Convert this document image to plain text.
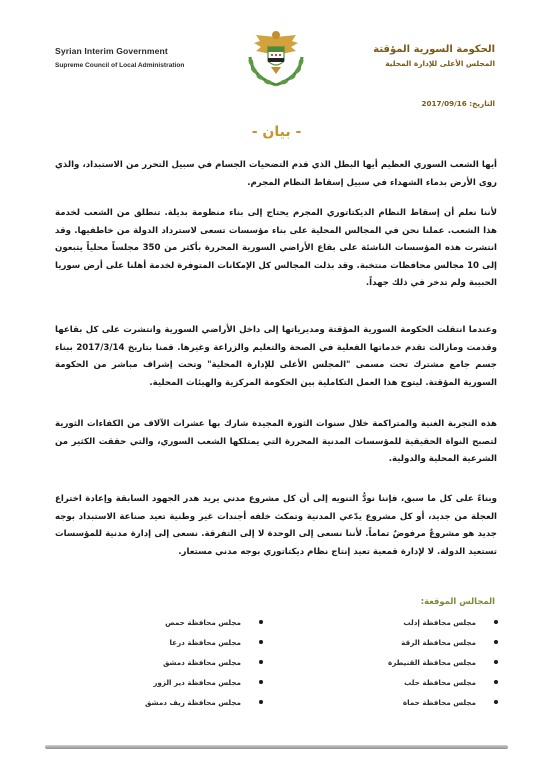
Syrian Interim Government
Supreme Council of Local Administration
الحكومة السورية المؤقتة
المجلس الأعلى للإدارة المحلية
التاريخ: 2017/09/16
- بيان -

أيها الشعب السوري العظيم أيها البطل الذي قدم التضحيات الجسام في سبيل التحرر من الاستبداد، والذي روى الأرض بدماء الشهداء في سبيل إسقاط النظام المجرم.

لأننا نعلم أن إسقاط النظام الديكتاتوري المجرم يحتاج إلى بناء منظومة بديلة. تنطلق من الشعب لخدمة هذا الشعب. عملنا نحن في المجالس المحلية على بناء مؤسسات تسعى لاسترداد الدولة من خاطفيها. وقد انتشرت هذه المؤسسات الناشئة على بقاع الأراضي السورية المحررة بأكثر من 350 مجلساً محلياً يتبعون إلى 10 مجالس محافظات منتخبة. وقد بذلت المجالس كل الإمكانات المتوفرة لخدمة أهلنا على أرض سوريا الحبيبة ولم تدخر في ذلك جهداً.

وعندما انتقلت الحكومة السورية المؤقتة ومديرياتها إلى داخل الأراضي السورية وانتشرت على كل بقاعها وقدمت ومازالت تقدم خدماتها الفعلية في الصحة والتعليم والزراعة وغيرها. قمنا بتاريخ 2017/3/14 ببناء جسم جامع مشترك تحت مسمى "المجلس الأعلى للإدارة المحلية" وتحت إشراف مباشر من الحكومة السورية المؤقتة. ليتوج هذا العمل التكاملية بين الحكومة المركزية والهيئات المحلية.

هذه التجربة الغنية والمتراكمة خلال سنوات الثورة المجيدة شارك بها عشرات الآلاف من الكفاءات الثورية لتصبح النواة الحقيقية للمؤسسات المدنية المحررة التي يمتلكها الشعب السوري، والتي حققت الكثير من الشرعية المحلية والدولية.

وبناءً على كل ما سبق، فإننا نودُّ التنويه إلى أن كل مشروع مدني يريد هدر الجهود السابقة وإعادة اختراع العجلة من جديد، أو كل مشروع يدّعي المدنية وتمكث خلفه أجندات غير وطنية تعيد صناعة الاستبداد بوجه جديد هو مشروعٌ مرفوضٌ تماماً. لأننا نسعى إلى الوحدة لا إلى التفرقة. نسعى إلى إدارة مدنية للمؤسسات تستعيد الدولة. لا لإدارة قمعية تعيد إنتاج نظام ديكتاتوري بوجه مدني مستعار.

المجالس الموقعة:
مجلس محافظة إدلب
مجلس محافظة الرقة
مجلس محافظة القنيطرة
مجلس محافظة حلب
مجلس محافظة حماة
مجلس محافظة حمص
مجلس محافظة درعا
مجلس محافظة دمشق
مجلس محافظة دير الزور
مجلس محافظة ريف دمشق
